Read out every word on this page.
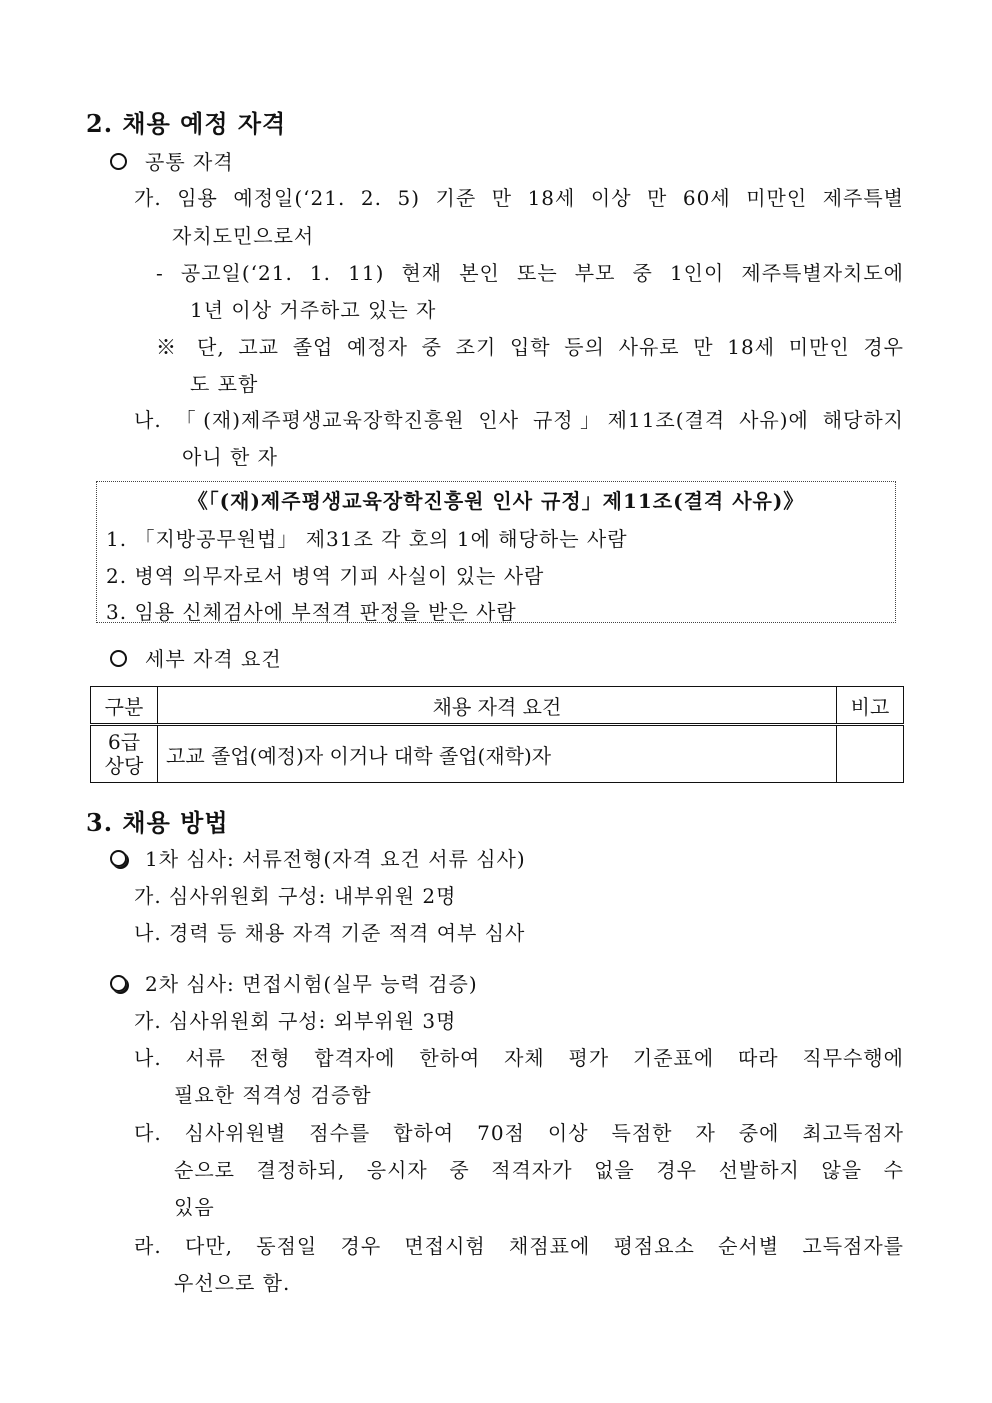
2. 채용 예정 자격
공통 자격
가. 임용 예정일(‘21. 2. 5) 기준 만 18세 이상 만 60세 미만인 제주특별
자치도민으로서
- 공고일(‘21. 1. 11) 현재 본인 또는 부모 중 1인이 제주특별자치도에
1년 이상 거주하고 있는 자
※ 단, 고교 졸업 예정자 중 조기 입학 등의 사유로 만 18세 미만인 경우
도 포함
나. 「(재)제주평생교육장학진흥원 인사 규정」제11조(결격 사유)에 해당하지
아니 한 자
《「(재)제주평생교육장학진흥원 인사 규정」제11조(결격 사유)》
1. 「지방공무원법」 제31조 각 호의 1에 해당하는 사람
2. 병역 의무자로서 병역 기피 사실이 있는 사람
3. 임용 신체검사에 부적격 판정을 받은 사람
세부 자격 요건
구분	채용 자격 요건	비고

6급
상당	고교 졸업(예정)자 이거나 대학 졸업(재학)자	
3. 채용 방법
1차 심사: 서류전형(자격 요건 서류 심사)
가. 심사위원회 구성: 내부위원 2명
나. 경력 등 채용 자격 기준 적격 여부 심사
2차 심사: 면접시험(실무 능력 검증)
가. 심사위원회 구성: 외부위원 3명
나. 서류 전형 합격자에 한하여 자체 평가 기준표에 따라 직무수행에
필요한 적격성 검증함
다. 심사위원별 점수를 합하여 70점 이상 득점한 자 중에 최고득점자
순으로 결정하되, 응시자 중 적격자가 없을 경우 선발하지 않을 수
있음
라. 다만, 동점일 경우 면접시험 채점표에 평점요소 순서별 고득점자를
우선으로 함.
